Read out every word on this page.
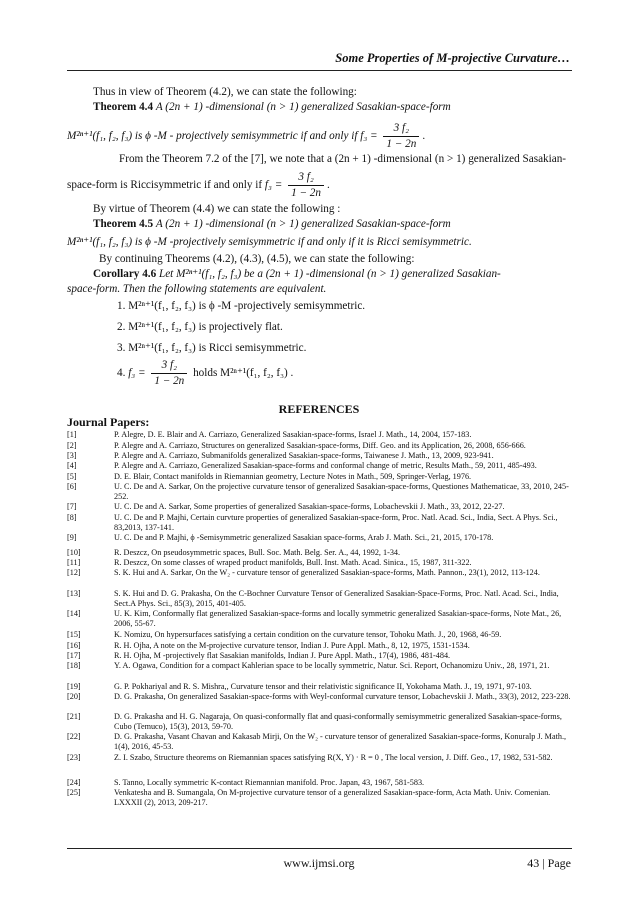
Some Properties of M-projective Curvature…
Thus in view of Theorem (4.2), we can state the following:
Theorem 4.4 A (2n + 1) -dimensional (n > 1) generalized Sasakian-space-form
M²ⁿ⁺¹(f₁, f₂, f₃) is ϕ -M - projectively semisymmetric if and only if $f_3 = \frac{\text{3 f₂}}{1 - 2n}$ .
From the Theorem 7.2 of the [7], we note that a (2n + 1) -dimensional (n > 1) generalized Sasakian-
space-form is Riccisymmetric if and only if $f_3 = \frac{\text{3 f₂}}{1 - 2n}$ .
By virtue of Theorem (4.4) we can state the following :
Theorem 4.5 A (2n + 1) -dimensional (n > 1) generalized Sasakian-space-form
M²ⁿ⁺¹(f₁, f₂, f₃) is ϕ -M -projectively semisymmetric if and only if it is Ricci semisymmetric.
By continuing Theorems (4.2), (4.3), (4.5), we can state the following:
Corollary 4.6 Let M²ⁿ⁺¹(f₁, f₂, f₃) be a (2n + 1) -dimensional (n > 1) generalized Sasakian-
space-form. Then the following statements are equivalent.
1. M²ⁿ⁺¹(f₁, f₂, f₃) is ϕ -M -projectively semisymmetric.
2. M²ⁿ⁺¹(f₁, f₂, f₃) is projectively flat.
3. M²ⁿ⁺¹(f₁, f₂, f₃) is Ricci semisymmetric.
4. $f_3 = \frac{\text{3 f₂}}{1 - 2n}$ holds M²ⁿ⁺¹(f₁, f₂, f₃) .
REFERENCES
Journal Papers:
[1]	P. Alegre, D. E. Blair and A. Carriazo, Generalized Sasakian-space-forms, Israel J. Math., 14, 2004, 157-183.
[2]	P. Alegre and A. Carriazo, Structures on generalized Sasakian-space-forms, Diff. Geo. and its Application, 26, 2008, 656-666.
[3]	P. Alegre and A. Carriazo, Submanifolds generalized Sasakian-space-forms, Taiwanese J. Math., 13, 2009, 923-941.
[4]	P. Alegre and A. Carriazo, Generalized Sasakian-space-forms and conformal change of metric, Results Math., 59, 2011, 485-493.
[5]	D. E. Blair, Contact manifolds in Riemannian geometry, Lecture Notes in Math., 509, Springer-Verlag, 1976.
[6]	U. C. De and A. Sarkar, On the projective curvature tensor of generalized Sasakian-space-forms, Questiones Mathematicae, 33, 2010, 245-252.
[7]	U. C. De and A. Sarkar, Some properties of generalized Sasakian-space-forms, Lobachevskii J. Math., 33, 2012, 22-27.
[8]	U. C. De and P. Majhi, Certain curvture properties of generalized Sasakian-space-form, Proc. Natl. Acad. Sci., India, Sect. A Phys. Sci., 83,2013, 137-141.
[9]	U. C. De and P. Majhi, ϕ -Semisymmetric generalized Sasakian space-forms, Arab J. Math. Sci., 21, 2015, 170-178.
[10]	R. Deszcz, On pseudosymmetric spaces, Bull. Soc. Math. Belg. Ser. A., 44, 1992, 1-34.
[11]	R. Deszcz, On some classes of wraped product manifolds, Bull. Inst. Math. Acad. Sinica., 15, 1987, 311-322.
[12]	S. K. Hui and A. Sarkar, On the W₂ - curvature tensor of generalized Sasakian-space-forms, Math. Pannon., 23(1), 2012, 113-124.
[13]	S. K. Hui and D. G. Prakasha, On the C-Bochner Curvature Tensor of Generalized Sasakian-Space-Forms, Proc. Natl. Acad. Sci., India, Sect.A Phys. Sci., 85(3), 2015, 401-405.
[14]	U. K. Kim, Conformally flat generalized Sasakian-space-forms and locally symmetric generalized Sasakian-space-forms, Note Mat., 26, 2006, 55-67.
[15]	K. Nomizu, On hypersurfaces satisfying a certain condition on the curvature tensor, Tohoku Math. J., 20, 1968, 46-59.
[16]	R. H. Ojha, A note on the M-projective curvature tensor, Indian J. Pure Appl. Math., 8, 12, 1975, 1531-1534.
[17]	R. H. Ojha, M -projectively flat Sasakian manifolds, Indian J. Pure Appl. Math., 17(4), 1986, 481-484.
[18]	Y. A. Ogawa, Condition for a compact Kahlerian space to be locally symmetric, Natur. Sci. Report, Ochanomizu Univ., 28, 1971, 21.
[19]	G. P. Pokhariyal and R. S. Mishra,, Curvature tensor and their relativistic significance II, Yokohama Math. J., 19, 1971, 97-103.
[20]	D. G. Prakasha, On generalized Sasakian-space-forms with Weyl-conformal curvature tensor, Lobachevskii J. Math., 33(3), 2012, 223-228.
[21]	D. G. Prakasha and H. G. Nagaraja, On quasi-conformally flat and quasi-conformally semisymmetric generalized Sasakian-space-forms, Cubo (Temuco), 15(3), 2013, 59-70.
[22]	D. G. Prakasha, Vasant Chavan and Kakasab Mirji, On the W₂ - curvature tensor of generalized Sasakian-space-forms, Konuralp J. Math., 1(4), 2016, 45-53.
[23]	Z. I. Szabo, Structure theorems on Riemannian spaces satisfying R(X, Y) · R = 0 , The local version, J. Diff. Geo., 17, 1982, 531-582.
[24]	S. Tanno, Locally symmetric K-contact Riemannian manifold. Proc. Japan, 43, 1967, 581-583.
[25]	Venkatesha and B. Sumangala, On M-projective curvature tensor of a generalized Sasakian-space-form, Acta Math. Univ. Comenian. LXXXII (2), 2013, 209-217.
www.ijmsi.org	43 | Page
